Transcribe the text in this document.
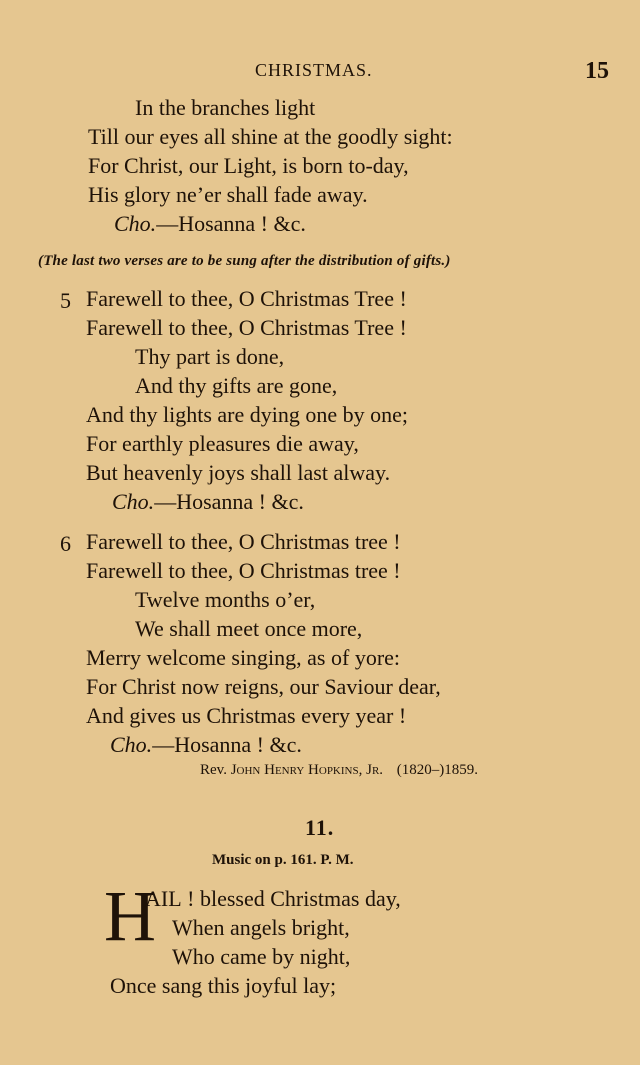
CHRISTMAS.	15
In the branches light
Till our eyes all shine at the goodly sight:
For Christ, our Light, is born to-day,
His glory ne’er shall fade away.
Cho.—Hosanna ! &c.
(The last two verses are to be sung after the distribution of gifts.)
5 Farewell to thee, O Christmas Tree !
Farewell to thee, O Christmas Tree !
Thy part is done,
And thy gifts are gone,
And thy lights are dying one by one;
For earthly pleasures die away,
But heavenly joys shall last alway.
Cho.—Hosanna ! &c.
6 Farewell to thee, O Christmas tree !
Farewell to thee, O Christmas tree !
Twelve months o’er,
We shall meet once more,
Merry welcome singing, as of yore:
For Christ now reigns, our Saviour dear,
And gives us Christmas every year !
Cho.—Hosanna ! &c.
Rev. John Henry Hopkins, Jr. (1820–)1859.
11.
Music on p. 161. P. M.
H
AIL ! blessed Christmas day,
When angels bright,
Who came by night,
Once sang this joyful lay;
